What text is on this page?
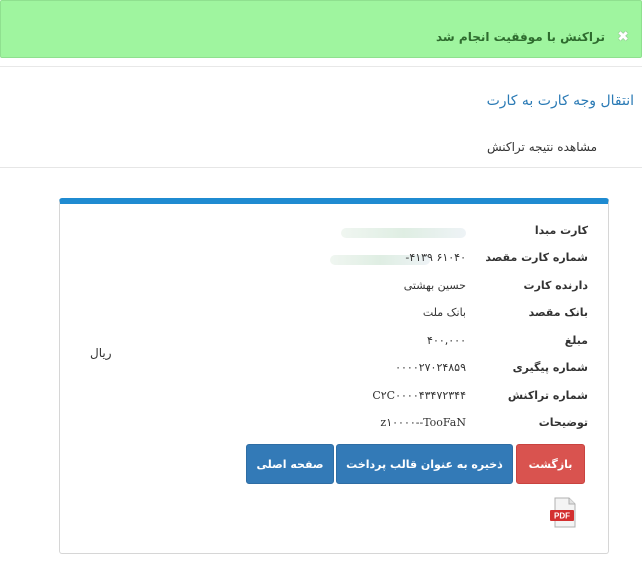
✖
تراکنش با موفقیت انجام شد
انتقال وجه کارت به کارت
مشاهده نتیجه تراکنش
کارت مبدا
شماره کارت مقصد
۶۱۰۴۰ ۴۱۳۹-
دارنده کارت
حسین بهشتی
بانک مقصد
بانک ملت
مبلغ
۴۰۰,۰۰۰
ریال
شماره پیگیری
۰۰۰۰۲۷۰۲۴۸۵۹
شماره تراکنش
C۲C۰۰۰۰۴۳۴۷۲۳۴۴
توضیحات
z۱۰۰۰۰--TooFaN
بازگشت
ذخیره به عنوان قالب پرداخت
صفحه اصلی
PDF
